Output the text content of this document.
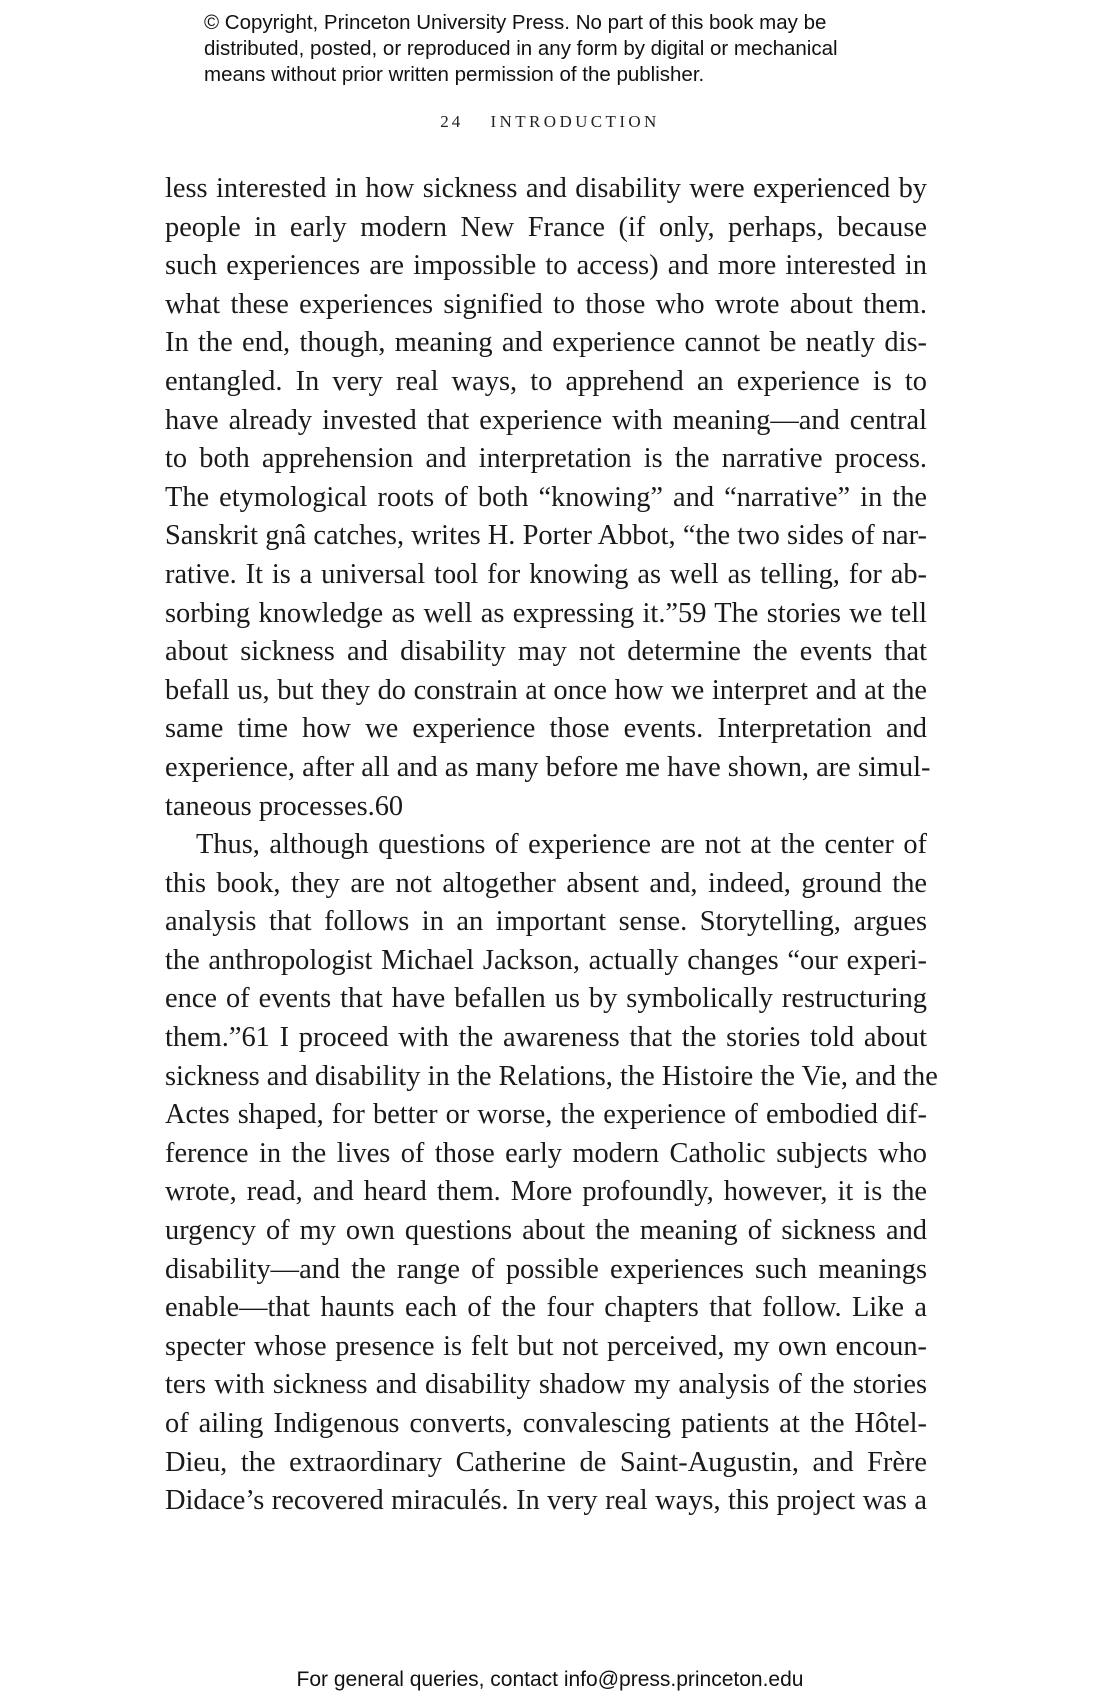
© Copyright, Princeton University Press. No part of this book may be
distributed, posted, or reproduced in any form by digital or mechanical
means without prior written permission of the publisher.
24 INTRODUCTION
less interested in how sickness and disability were experienced by
people in early modern New France (if only, perhaps, because
such experiences are impossible to access) and more interested in
what these experiences signified to those who wrote about them.
In the end, though, meaning and experience cannot be neatly dis-
entangled. In very real ways, to apprehend an experience is to
have already invested that experience with meaning—and central
to both apprehension and interpretation is the narrative process.
The etymological roots of both “knowing” and “narrative” in the
Sanskrit gnâ catches, writes H. Porter Abbot, “the two sides of nar-
rative. It is a universal tool for knowing as well as telling, for ab-
sorbing knowledge as well as expressing it.”59 The stories we tell
about sickness and disability may not determine the events that
befall us, but they do constrain at once how we interpret and at the
same time how we experience those events. Interpretation and
experience, after all and as many before me have shown, are simul-
taneous processes.60
Thus, although questions of experience are not at the center of
this book, they are not altogether absent and, indeed, ground the
analysis that follows in an important sense. Storytelling, argues
the anthropologist Michael Jackson, actually changes “our experi-
ence of events that have befallen us by symbolically restructuring
them.”61 I proceed with the awareness that the stories told about
sickness and disability in the Relations, the Histoire the Vie, and the
Actes shaped, for better or worse, the experience of embodied dif-
ference in the lives of those early modern Catholic subjects who
wrote, read, and heard them. More profoundly, however, it is the
urgency of my own questions about the meaning of sickness and
disability—and the range of possible experiences such meanings
enable—that haunts each of the four chapters that follow. Like a
specter whose presence is felt but not perceived, my own encoun-
ters with sickness and disability shadow my analysis of the stories
of ailing Indigenous converts, convalescing patients at the Hôtel-
Dieu, the extraordinary Catherine de Saint-Augustin, and Frère
Didace’s recovered miraculés. In very real ways, this project was a
For general queries, contact info@press.princeton.edu
